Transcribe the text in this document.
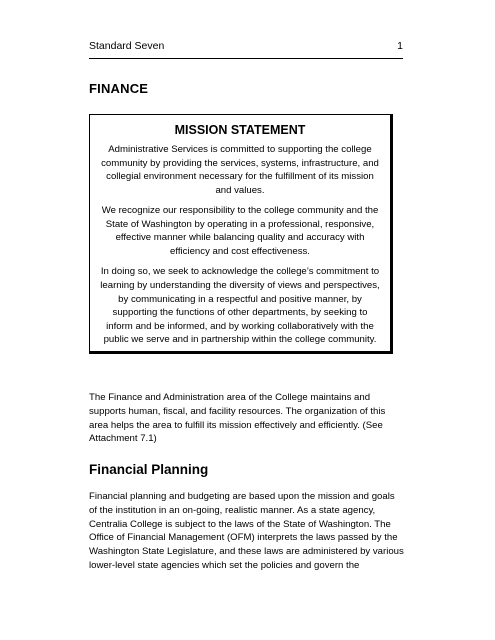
Standard Seven	1
FINANCE
MISSION STATEMENT

Administrative Services is committed to supporting the college community by providing the services, systems, infrastructure, and collegial environment necessary for the fulfillment of its mission and values.

We recognize our responsibility to the college community and the State of Washington by operating in a professional, responsive, effective manner while balancing quality and accuracy with efficiency and cost effectiveness.

In doing so, we seek to acknowledge the college’s commitment to learning by understanding the diversity of views and perspectives, by communicating in a respectful and positive manner, by supporting the functions of other departments, by seeking to inform and be informed, and by working collaboratively with the public we serve and in partnership within the college community.

The Finance and Administration area of the College maintains and supports human, fiscal, and facility resources. The organization of this area helps the area to fulfill its mission effectively and efficiently. (See Attachment 7.1)

Financial Planning

Financial planning and budgeting are based upon the mission and goals of the institution in an on-going, realistic manner. As a state agency, Centralia College is subject to the laws of the State of Washington. The Office of Financial Management (OFM) interprets the laws passed by the Washington State Legislature, and these laws are administered by various lower-level state agencies which set the policies and govern the
